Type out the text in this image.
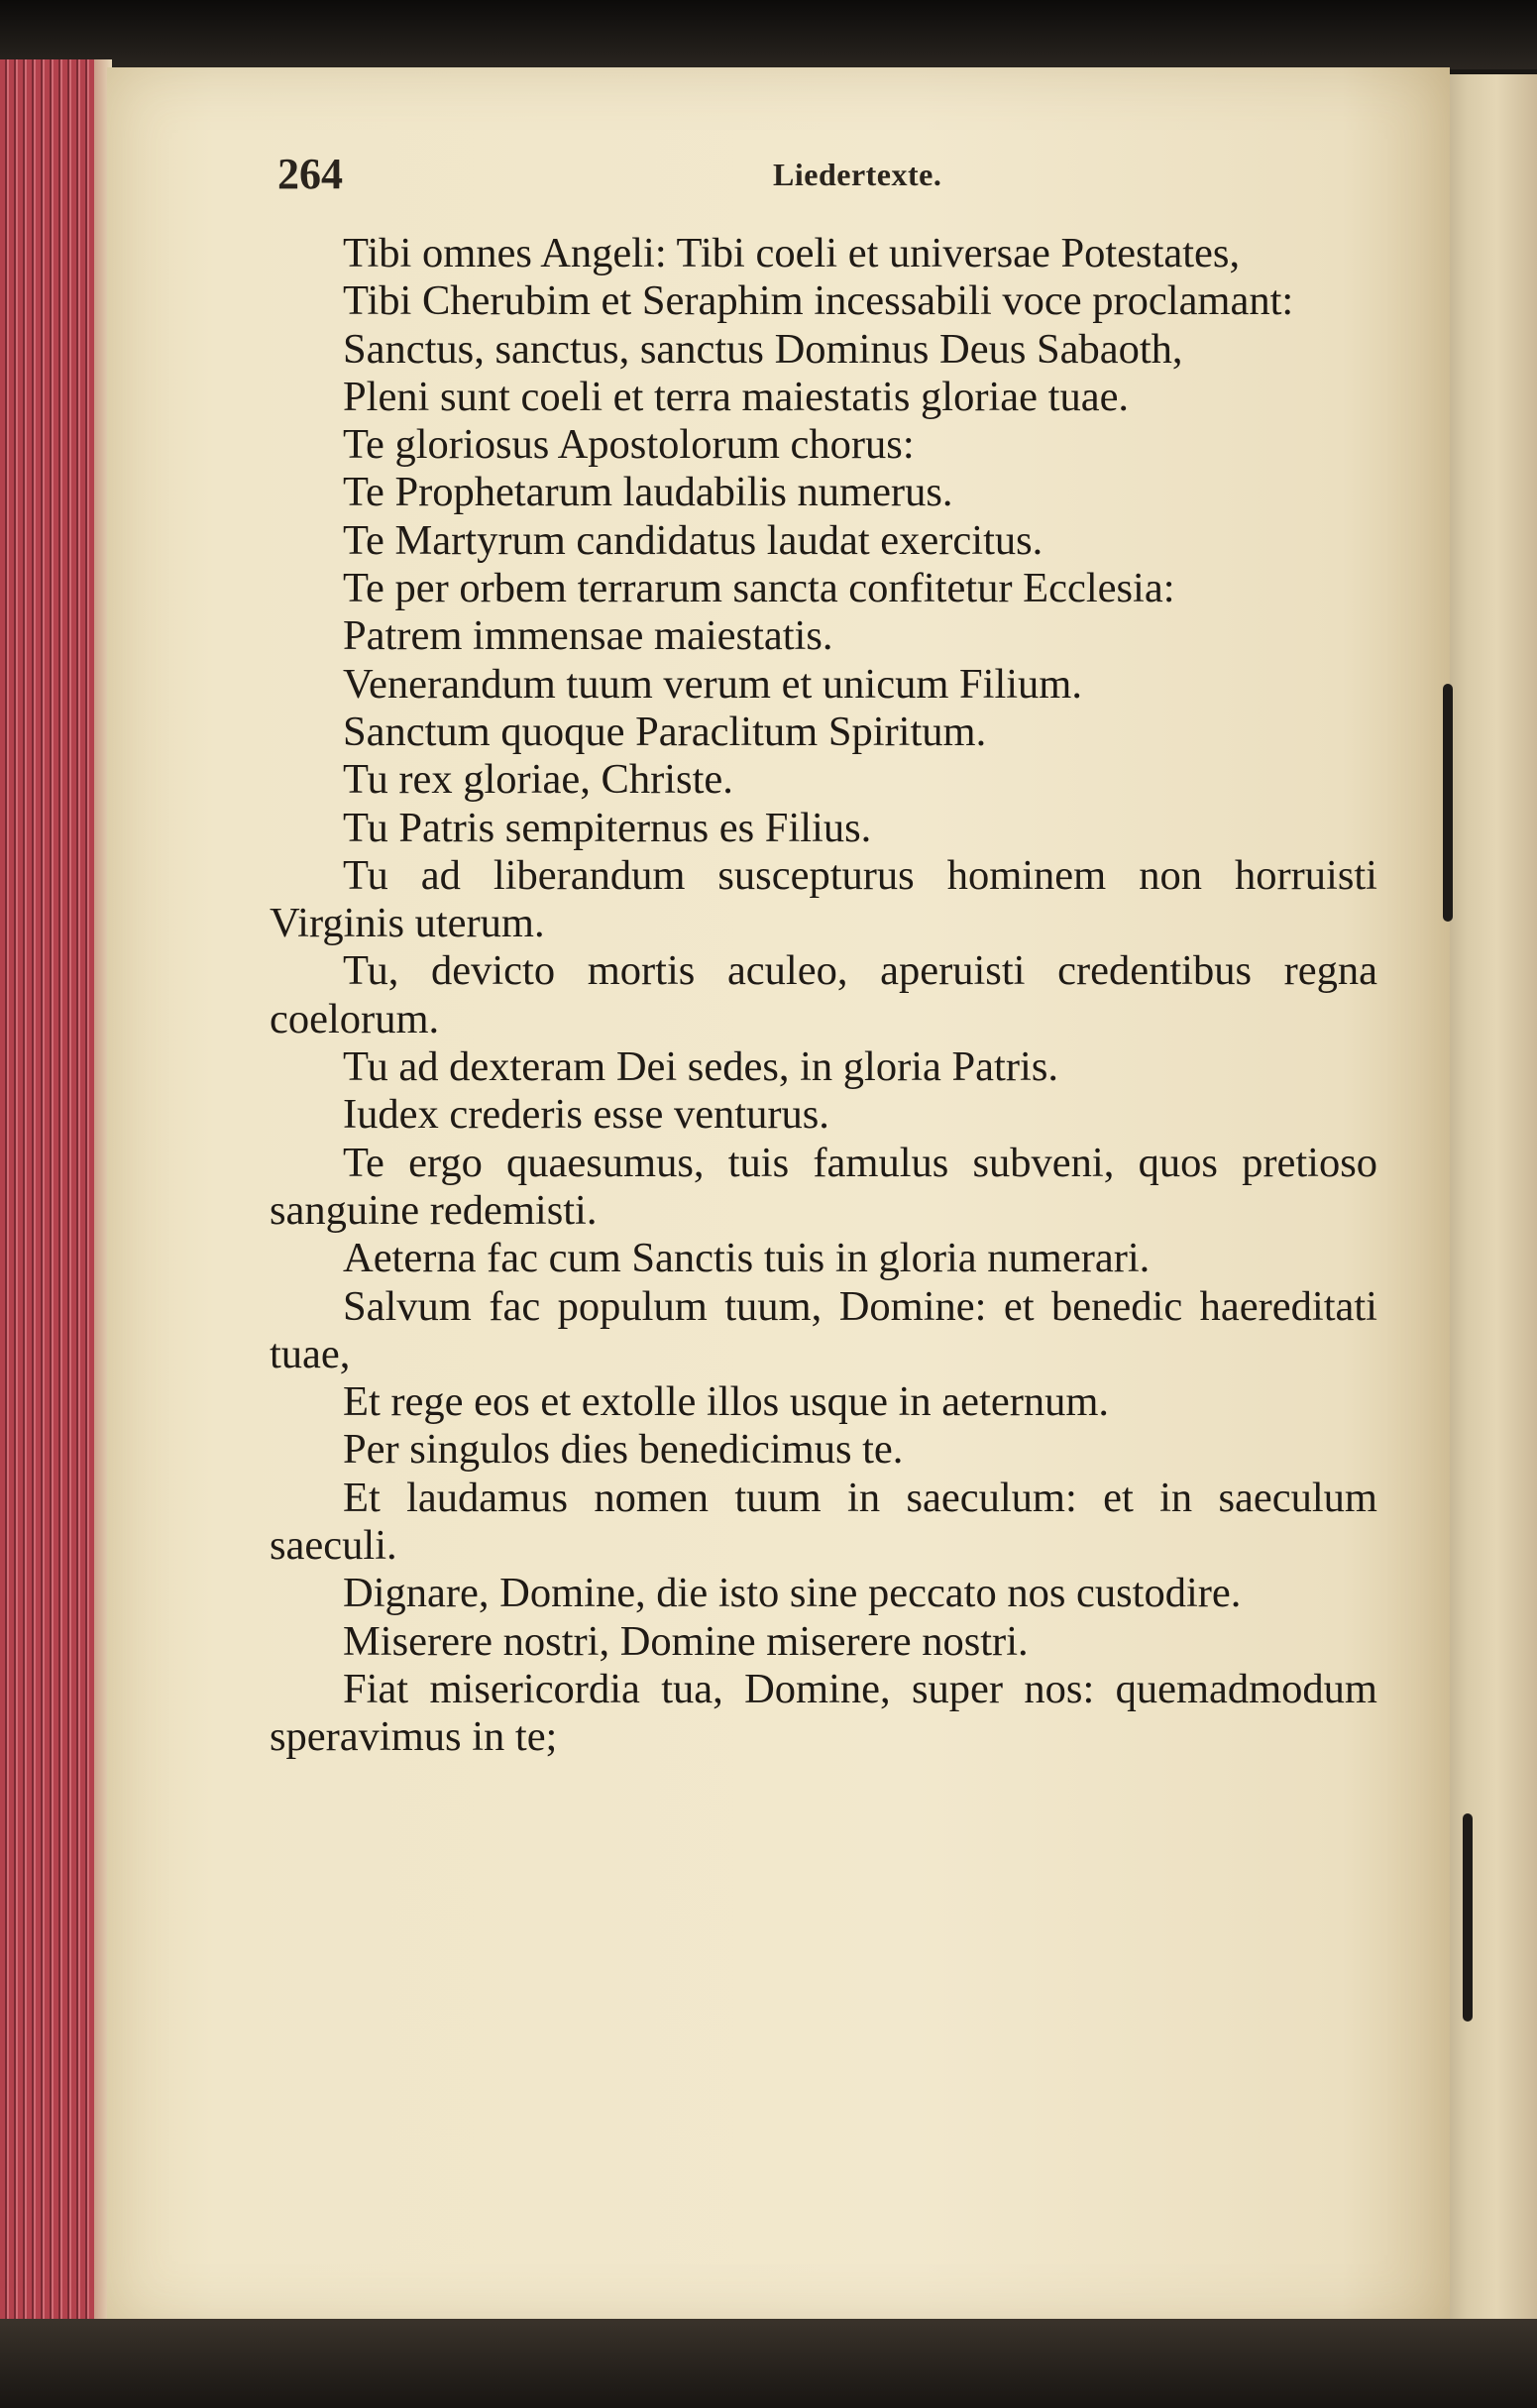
264	Liedertexte.

Tibi omnes Angeli: Tibi coeli et universae Potestates,

Tibi Cherubim et Seraphim incessabili voce proclamant:

Sanctus, sanctus, sanctus Dominus Deus Sabaoth,

Pleni sunt coeli et terra maiestatis gloriae tuae.

Te gloriosus Apostolorum chorus:

Te Prophetarum laudabilis numerus.

Te Martyrum candidatus laudat exercitus.

Te per orbem terrarum sancta confitetur Ecclesia:

Patrem immensae maiestatis.

Venerandum tuum verum et unicum Filium.

Sanctum quoque Paraclitum Spiritum.

Tu rex gloriae, Christe.

Tu Patris sempiternus es Filius.

Tu ad liberandum suscepturus hominem non horruisti Virginis uterum.

Tu, devicto mortis aculeo, aperuisti credentibus regna coelorum.

Tu ad dexteram Dei sedes, in gloria Patris.

Iudex crederis esse venturus.

Te ergo quaesumus, tuis famulus subveni, quos pretioso sanguine redemisti.

Aeterna fac cum Sanctis tuis in gloria numerari.

Salvum fac populum tuum, Domine: et benedic haereditati tuae,

Et rege eos et extolle illos usque in aeternum.

Per singulos dies benedicimus te.

Et laudamus nomen tuum in saeculum: et in saeculum saeculi.

Dignare, Domine, die isto sine peccato nos custodire.

Miserere nostri, Domine miserere nostri.

Fiat misericordia tua, Domine, super nos: quemadmodum speravimus in te;
